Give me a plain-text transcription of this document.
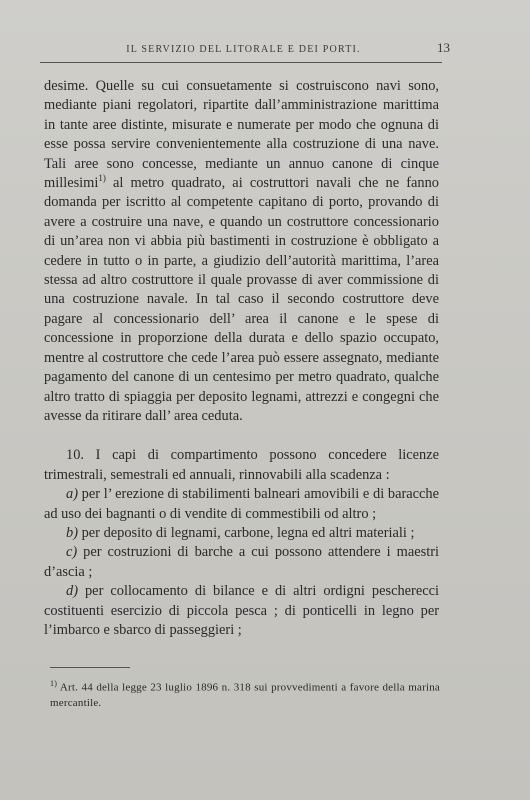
IL SERVIZIO DEL LITORALE E DEI PORTI.	13

desime. Quelle su cui consuetamente si costruiscono navi sono, mediante piani regolatori, ripartite dall’amministrazione marittima in tante aree distinte, misurate e numerate per modo che ognuna di esse possa servire convenientemente alla costruzione di una nave. Tali aree sono concesse, mediante un annuo canone di cinque millesimi$^{1)}$ al metro quadrato, ai costruttori navali che ne fanno domanda per iscritto al competente capitano di porto, provando di avere a costruire una nave, e quando un costruttore concessionario di un’area non vi abbia più bastimenti in costruzione è obbligato a cedere in tutto o in parte, a giudizio dell’autorità marittima, l’area stessa ad altro costruttore il quale provasse di aver commissione di una costruzione navale. In tal caso il secondo costruttore deve pagare al concessionario dell’ area il canone e le spese di concessione in proporzione della durata e dello spazio occupato, mentre al costruttore che cede l’area può essere assegnato, mediante pagamento del canone di un centesimo per metro quadrato, qualche altro tratto di spiaggia per deposito legnami, attrezzi e congegni che avesse da ritirare dall’ area ceduta.

10. I capi di compartimento possono concedere licenze trimestrali, semestrali ed annuali, rinnovabili alla scadenza :

a) per l’ erezione di stabilimenti balneari amovibili e di baracche ad uso dei bagnanti o di vendite di commestibili od altro ;

b) per deposito di legnami, carbone, legna ed altri materiali ;

c) per costruzioni di barche a cui possono attendere i maestri d’ascia ;

d) per collocamento di bilance e di altri ordigni pescherecci costituenti esercizio di piccola pesca ; di ponticelli in legno per l’imbarco e sbarco di passeggieri ;

$^{1)}$ Art. 44 della legge 23 luglio 1896 n. 318 sui provvedimenti a favore della marina mercantile.
